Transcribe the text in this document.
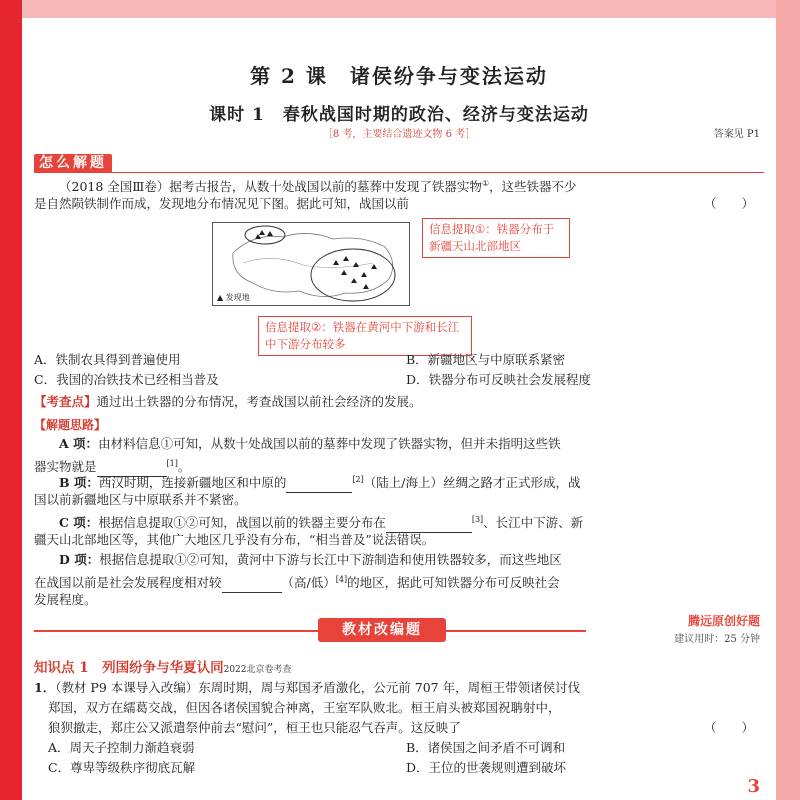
第 2 课　诸侯纷争与变法运动
课时 1　春秋战国时期的政治、经济与变法运动
［8 考，主要结合遗迹文物 6 考］	答案见 P1
怎么解题
（2018 全国Ⅲ卷）据考古报告，从数十处战国以前的墓葬中发现了铁器实物①，这些铁器不少
是自然陨铁制作而成，发现地分布情况见下图。据此可知，战国以前	（　　）
▲ 发现地
信息提取①：铁器分布于新疆天山北部地区
信息提取②：铁器在黄河中下游和长江中下游分布较多
A．铁制农具得到普遍使用	B．新疆地区与中原联系紧密
C．我国的冶铁技术已经相当普及	D．铁器分布可反映社会发展程度
【考查点】通过出土铁器的分布情况，考查战国以前社会经济的发展。
【解题思路】
A 项：由材料信息①可知，从数十处战国以前的墓葬中发现了铁器实物，但并未指明这些铁
器实物就是	[1]。
B 项：西汉时期，连接新疆地区和中原的	[2]（陆上/海上）丝绸之路才正式形成，战
国以前新疆地区与中原联系并不紧密。
C 项：根据信息提取①②可知，战国以前的铁器主要分布在	[3]、长江中下游、新
疆天山北部地区等，其他广大地区几乎没有分布，“相当普及”说法错误。
D 项：根据信息提取①②可知，黄河中下游与长江中下游制造和使用铁器较多，而这些地区
在战国以前是社会发展程度相对较	（高/低）[4]的地区，据此可知铁器分布可反映社会
发展程度。
教材改编题
腾远原创好题
建议用时：25 分钟
知识点 1　列国纷争与华夏认同2022北京卷考查
1．（教材 P9 本课导入改编）东周时期，周与郑国矛盾激化，公元前 707 年，周桓王带领诸侯讨伐
郑国，双方在繻葛交战，但因各诸侯国貌合神离，王室军队败北。桓王肩头被郑国祝聃射中，
狼狈撤走，郑庄公又派遣祭仲前去“慰问”，桓王也只能忍气吞声。这反映了	（　　）
A．周天子控制力渐趋衰弱	B．诸侯国之间矛盾不可调和
C．尊卑等级秩序彻底瓦解	D．王位的世袭规则遭到破坏
3
